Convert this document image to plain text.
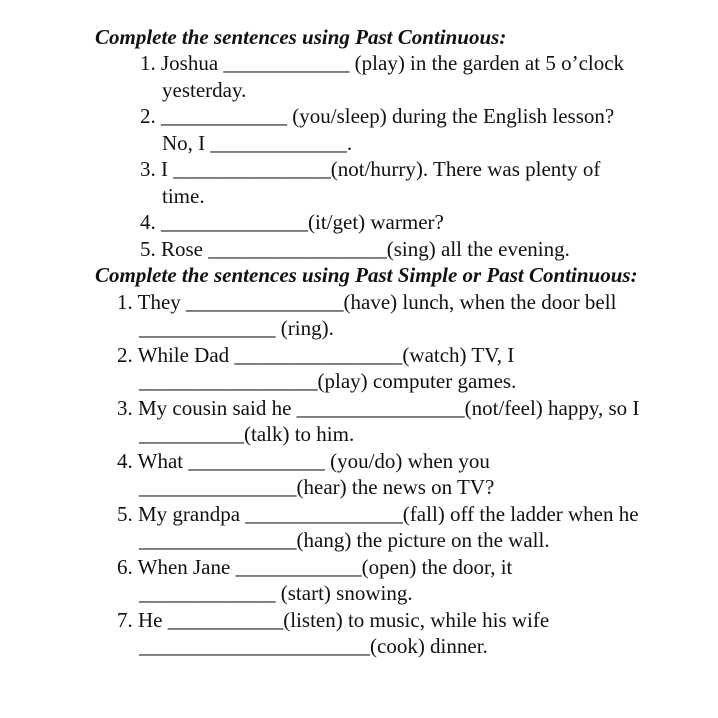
Complete the sentences using Past Continuous:
1. Joshua ____________ (play) in the garden at 5 o’clock
yesterday.
2. ____________ (you/sleep) during the English lesson?
No, I _____________.
3. I _______________(not/hurry). There was plenty of
time.
4. ______________(it/get) warmer?
5. Rose _________________(sing) all the evening.
Complete the sentences using Past Simple or Past Continuous:
1. They _______________(have) lunch, when the door bell
_____________ (ring).
2. While Dad ________________(watch) TV, I
_________________(play) computer games.
3. My cousin said he ________________(not/feel) happy, so I
__________(talk) to him.
4. What _____________ (you/do) when you
_______________(hear) the news on TV?
5. My grandpa _______________(fall) off the ladder when he
_______________(hang) the picture on the wall.
6. When Jane ____________(open) the door, it
_____________ (start) snowing.
7. He ___________(listen) to music, while his wife
______________________(cook) dinner.
